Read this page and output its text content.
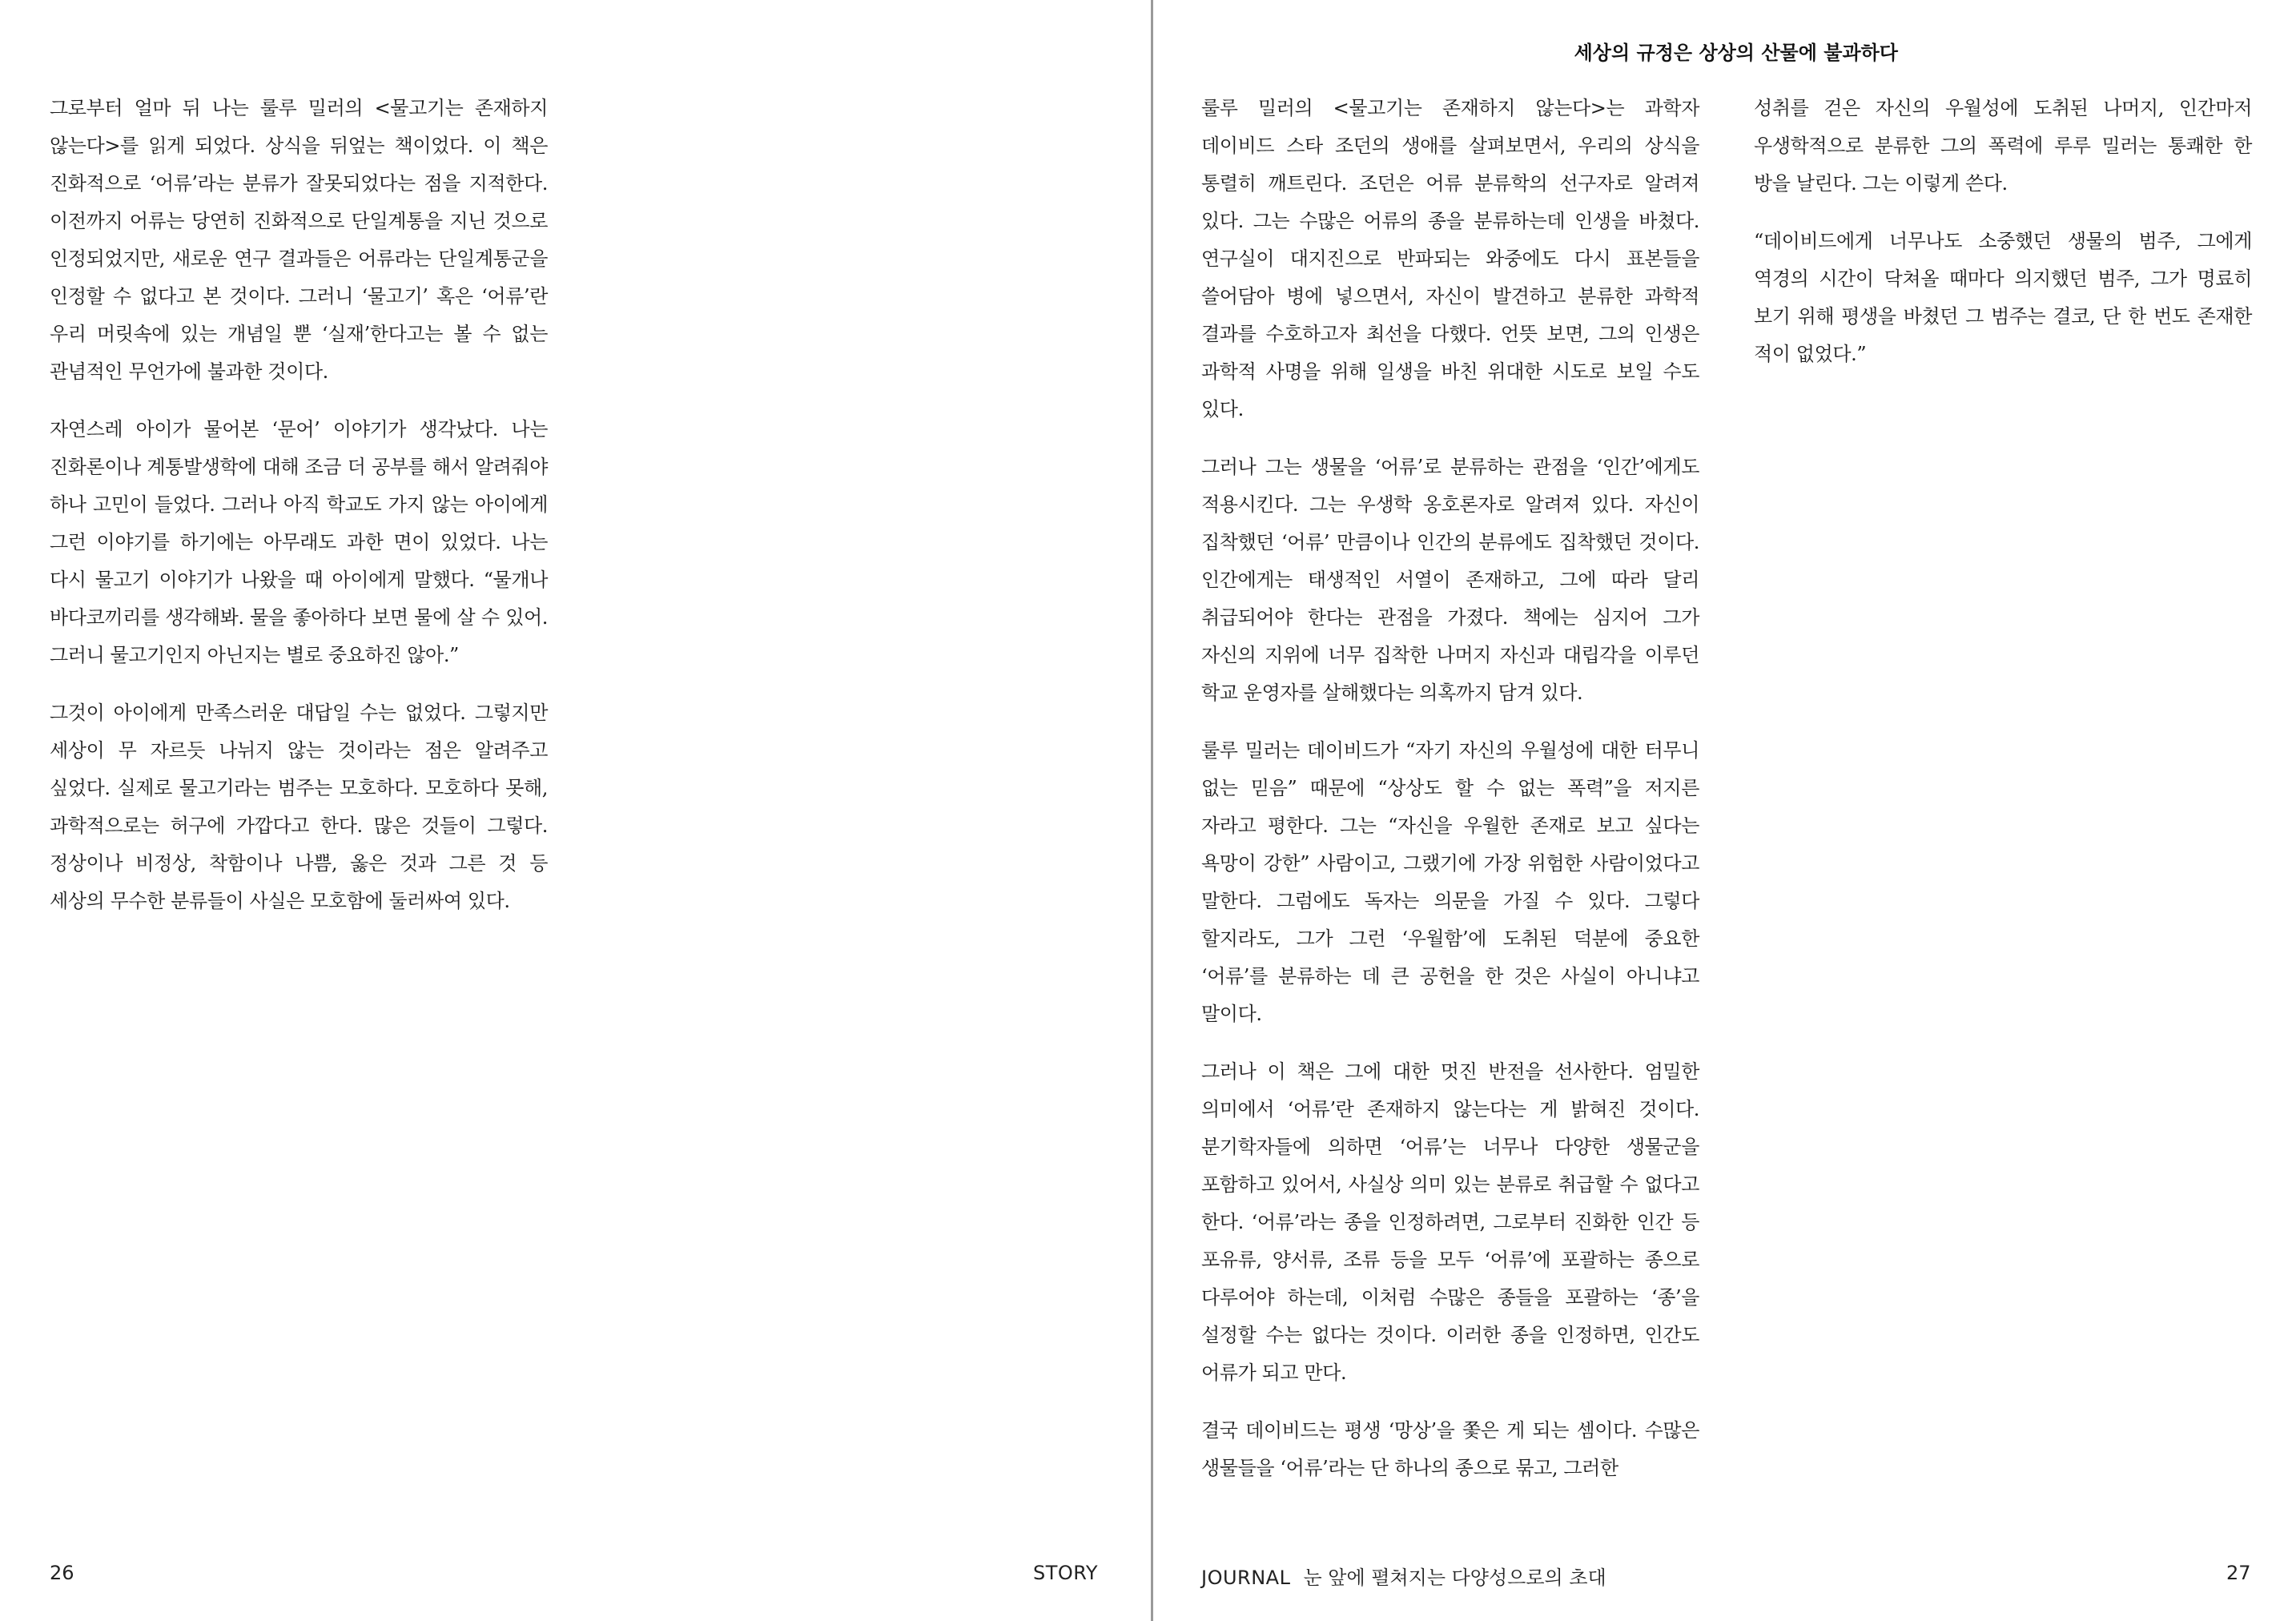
그로부터 얼마 뒤 나는 룰루 밀러의 <물고기는 존재하지 않는다>를 읽게 되었다. 상식을 뒤엎는 책이었다. 이 책은 진화적으로 ‘어류’라는 분류가 잘못되었다는 점을 지적한다. 이전까지 어류는 당연히 진화적으로 단일계통을 지닌 것으로 인정되었지만, 새로운 연구 결과들은 어류라는 단일계통군을 인정할 수 없다고 본 것이다. 그러니 ‘물고기’ 혹은 ‘어류’란 우리 머릿속에 있는 개념일 뿐 ‘실재’한다고는 볼 수 없는 관념적인 무언가에 불과한 것이다.

자연스레 아이가 물어본 ‘문어’ 이야기가 생각났다. 나는 진화론이나 계통발생학에 대해 조금 더 공부를 해서 알려줘야 하나 고민이 들었다. 그러나 아직 학교도 가지 않는 아이에게 그런 이야기를 하기에는 아무래도 과한 면이 있었다. 나는 다시 물고기 이야기가 나왔을 때 아이에게 말했다. “물개나 바다코끼리를 생각해봐. 물을 좋아하다 보면 물에 살 수 있어. 그러니 물고기인지 아닌지는 별로 중요하진 않아.”

그것이 아이에게 만족스러운 대답일 수는 없었다. 그렇지만 세상이 무 자르듯 나뉘지 않는 것이라는 점은 알려주고 싶었다. 실제로 물고기라는 범주는 모호하다. 모호하다 못해, 과학적으로는 허구에 가깝다고 한다. 많은 것들이 그렇다. 정상이나 비정상, 착함이나 나쁨, 옳은 것과 그른 것 등 세상의 무수한 분류들이 사실은 모호함에 둘러싸여 있다.

26	STORY
세상의 규정은 상상의 산물에 불과하다

룰루 밀러의 <물고기는 존재하지 않는다>는 과학자 데이비드 스타 조던의 생애를 살펴보면서, 우리의 상식을 통렬히 깨트린다. 조던은 어류 분류학의 선구자로 알려져 있다. 그는 수많은 어류의 종을 분류하는데 인생을 바쳤다. 연구실이 대지진으로 반파되는 와중에도 다시 표본들을 쓸어담아 병에 넣으면서, 자신이 발견하고 분류한 과학적 결과를 수호하고자 최선을 다했다. 언뜻 보면, 그의 인생은 과학적 사명을 위해 일생을 바친 위대한 시도로 보일 수도 있다.

그러나 그는 생물을 ‘어류’로 분류하는 관점을 ‘인간’에게도 적용시킨다. 그는 우생학 옹호론자로 알려져 있다. 자신이 집착했던 ‘어류’ 만큼이나 인간의 분류에도 집착했던 것이다. 인간에게는 태생적인 서열이 존재하고, 그에 따라 달리 취급되어야 한다는 관점을 가졌다. 책에는 심지어 그가 자신의 지위에 너무 집착한 나머지 자신과 대립각을 이루던 학교 운영자를 살해했다는 의혹까지 담겨 있다.

룰루 밀러는 데이비드가 “자기 자신의 우월성에 대한 터무니 없는 믿음” 때문에 “상상도 할 수 없는 폭력”을 저지른 자라고 평한다. 그는 “자신을 우월한 존재로 보고 싶다는 욕망이 강한” 사람이고, 그랬기에 가장 위험한 사람이었다고 말한다. 그럼에도 독자는 의문을 가질 수 있다. 그렇다 할지라도, 그가 그런 ‘우월함’에 도취된 덕분에 중요한 ‘어류’를 분류하는 데 큰 공헌을 한 것은 사실이 아니냐고 말이다.

그러나 이 책은 그에 대한 멋진 반전을 선사한다. 엄밀한 의미에서 ‘어류’란 존재하지 않는다는 게 밝혀진 것이다. 분기학자들에 의하면 ‘어류’는 너무나 다양한 생물군을 포함하고 있어서, 사실상 의미 있는 분류로 취급할 수 없다고 한다. ‘어류’라는 종을 인정하려면, 그로부터 진화한 인간 등 포유류, 양서류, 조류 등을 모두 ‘어류’에 포괄하는 종으로 다루어야 하는데, 이처럼 수많은 종들을 포괄하는 ‘종’을 설정할 수는 없다는 것이다. 이러한 종을 인정하면, 인간도 어류가 되고 만다.

결국 데이비드는 평생 ‘망상’을 쫓은 게 되는 셈이다. 수많은 생물들을 ‘어류’라는 단 하나의 종으로 묶고, 그러한

성취를 걷은 자신의 우월성에 도취된 나머지, 인간마저 우생학적으로 분류한 그의 폭력에 루루 밀러는 통쾌한 한 방을 날린다. 그는 이렇게 쓴다.

“데이비드에게 너무나도 소중했던 생물의 범주, 그에게 역경의 시간이 닥쳐올 때마다 의지했던 범주, 그가 명료히 보기 위해 평생을 바쳤던 그 범주는 결코, 단 한 번도 존재한 적이 없었다.”

JOURNAL 눈 앞에 펼쳐지는 다양성으로의 초대	27
